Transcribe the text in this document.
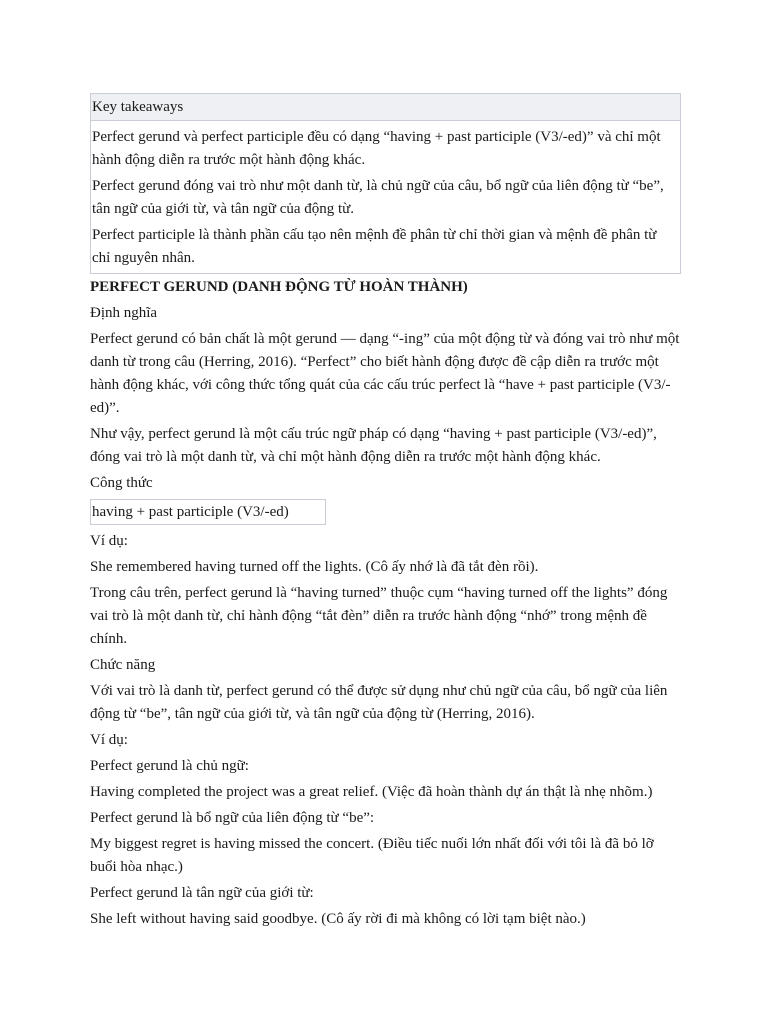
Key takeaways

Perfect gerund và perfect participle đều có dạng “having + past participle (V3/-ed)” và chỉ một hành động diễn ra trước một hành động khác.

Perfect gerund đóng vai trò như một danh từ, là chủ ngữ của câu, bổ ngữ của liên động từ “be”, tân ngữ của giới từ, và tân ngữ của động từ.

Perfect participle là thành phần cấu tạo nên mệnh đề phân từ chỉ thời gian và mệnh đề phân từ chỉ nguyên nhân.

PERFECT GERUND (DANH ĐỘNG TỪ HOÀN THÀNH)

Định nghĩa

Perfect gerund có bản chất là một gerund — dạng “-ing” của một động từ và đóng vai trò như một danh từ trong câu (Herring, 2016). “Perfect” cho biết hành động được đề cập diễn ra trước một hành động khác, với công thức tổng quát của các cấu trúc perfect là “have + past participle (V3/-ed)”.

Như vậy, perfect gerund là một cấu trúc ngữ pháp có dạng “having + past participle (V3/-ed)”, đóng vai trò là một danh từ, và chỉ một hành động diễn ra trước một hành động khác.

Công thức

having + past participle (V3/-ed)

Ví dụ:

She remembered having turned off the lights. (Cô ấy nhớ là đã tắt đèn rồi).

Trong câu trên, perfect gerund là “having turned” thuộc cụm “having turned off the lights” đóng vai trò là một danh từ, chỉ hành động “tắt đèn” diễn ra trước hành động “nhớ” trong mệnh đề chính.

Chức năng

Với vai trò là danh từ, perfect gerund có thể được sử dụng như chủ ngữ của câu, bổ ngữ của liên động từ “be”, tân ngữ của giới từ, và tân ngữ của động từ (Herring, 2016).

Ví dụ:

Perfect gerund là chủ ngữ:

Having completed the project was a great relief. (Việc đã hoàn thành dự án thật là nhẹ nhõm.)

Perfect gerund là bổ ngữ của liên động từ “be”:

My biggest regret is having missed the concert. (Điều tiếc nuối lớn nhất đối với tôi là đã bỏ lỡ buổi hòa nhạc.)

Perfect gerund là tân ngữ của giới từ:

She left without having said goodbye. (Cô ấy rời đi mà không có lời tạm biệt nào.)
